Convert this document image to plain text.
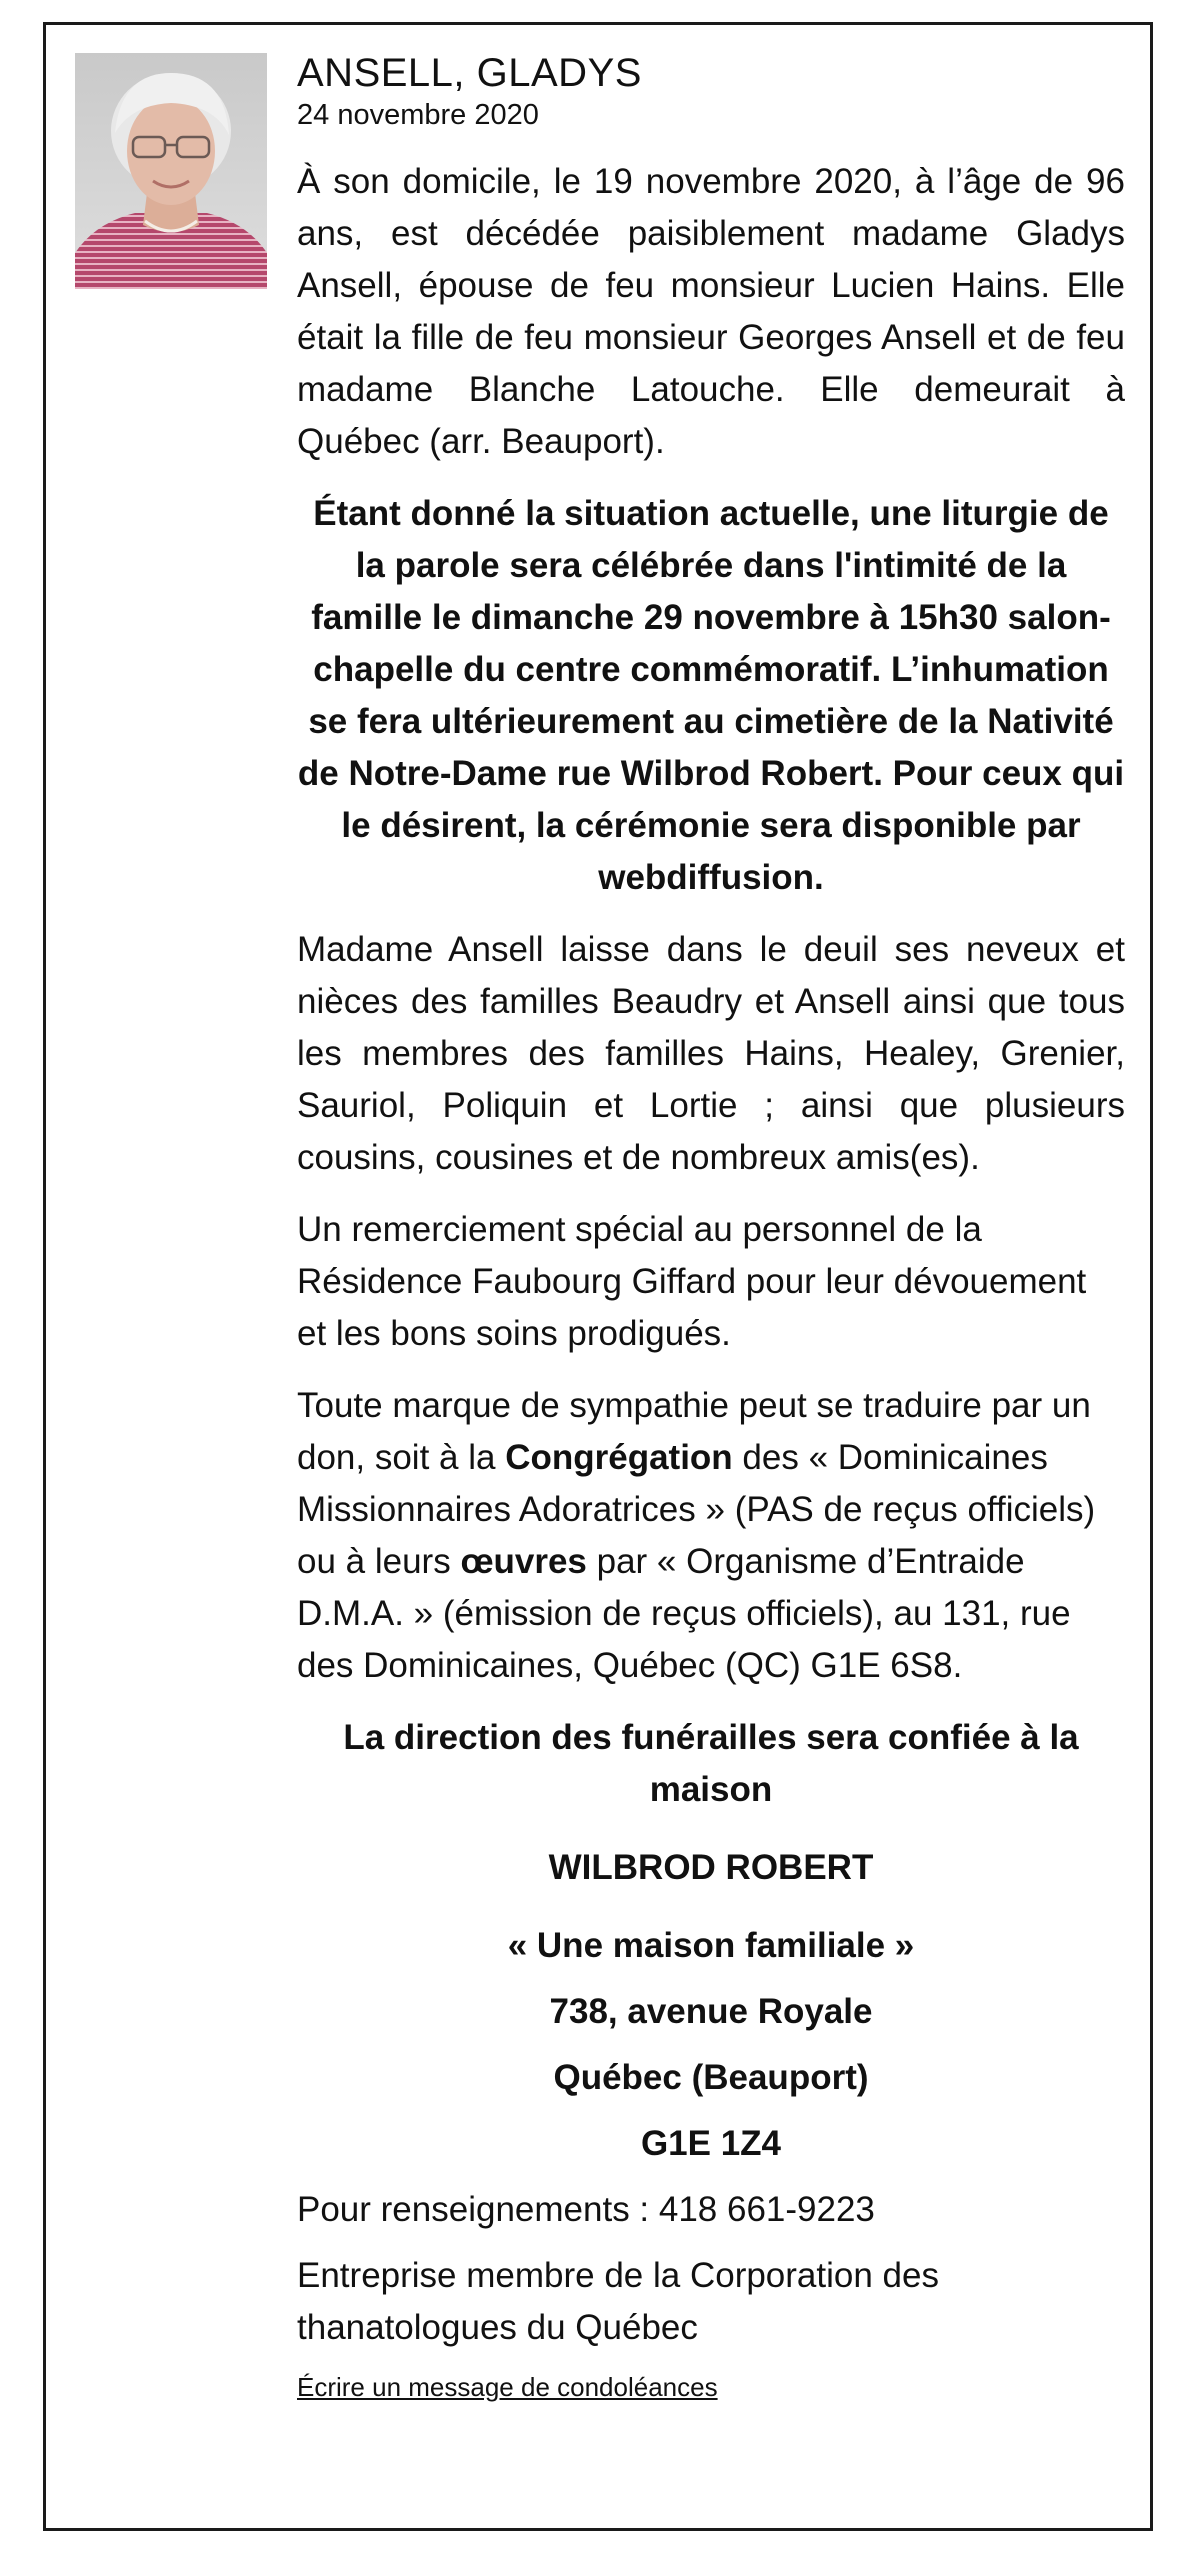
ANSELL, GLADYS
24 novembre 2020

À son domicile, le 19 novembre 2020, à l’âge de 96 ans, est décédée paisiblement madame Gladys Ansell, épouse de feu monsieur Lucien Hains. Elle était la fille de feu monsieur Georges Ansell et de feu madame Blanche Latouche. Elle demeurait à Québec (arr. Beauport).

Étant donné la situation actuelle, une liturgie de la parole sera célébrée dans l'intimité de la famille le dimanche 29 novembre à 15h30 salon-chapelle du centre commémoratif. L’inhumation se fera ultérieurement au cimetière de la Nativité de Notre-Dame rue Wilbrod Robert. Pour ceux qui le désirent, la cérémonie sera disponible par webdiffusion.

Madame Ansell laisse dans le deuil ses neveux et nièces des familles Beaudry et Ansell ainsi que tous les membres des familles Hains, Healey, Grenier, Sauriol, Poliquin et Lortie ; ainsi que plusieurs cousins, cousines et de nombreux amis(es).

Un remerciement spécial au personnel de la Résidence Faubourg Giffard pour leur dévouement et les bons soins prodigués.

Toute marque de sympathie peut se traduire par un don, soit à la Congrégation des « Dominicaines Missionnaires Adoratrices » (PAS de reçus officiels) ou à leurs œuvres par « Organisme d’Entraide D.M.A. » (émission de reçus officiels), au 131, rue des Dominicaines, Québec (QC) G1E 6S8.

La direction des funérailles sera confiée à la maison

WILBROD ROBERT

« Une maison familiale »

738, avenue Royale

Québec (Beauport)

G1E 1Z4

Pour renseignements : 418 661-9223

Entreprise membre de la Corporation des thanatologues du Québec

Écrire un message de condoléances
